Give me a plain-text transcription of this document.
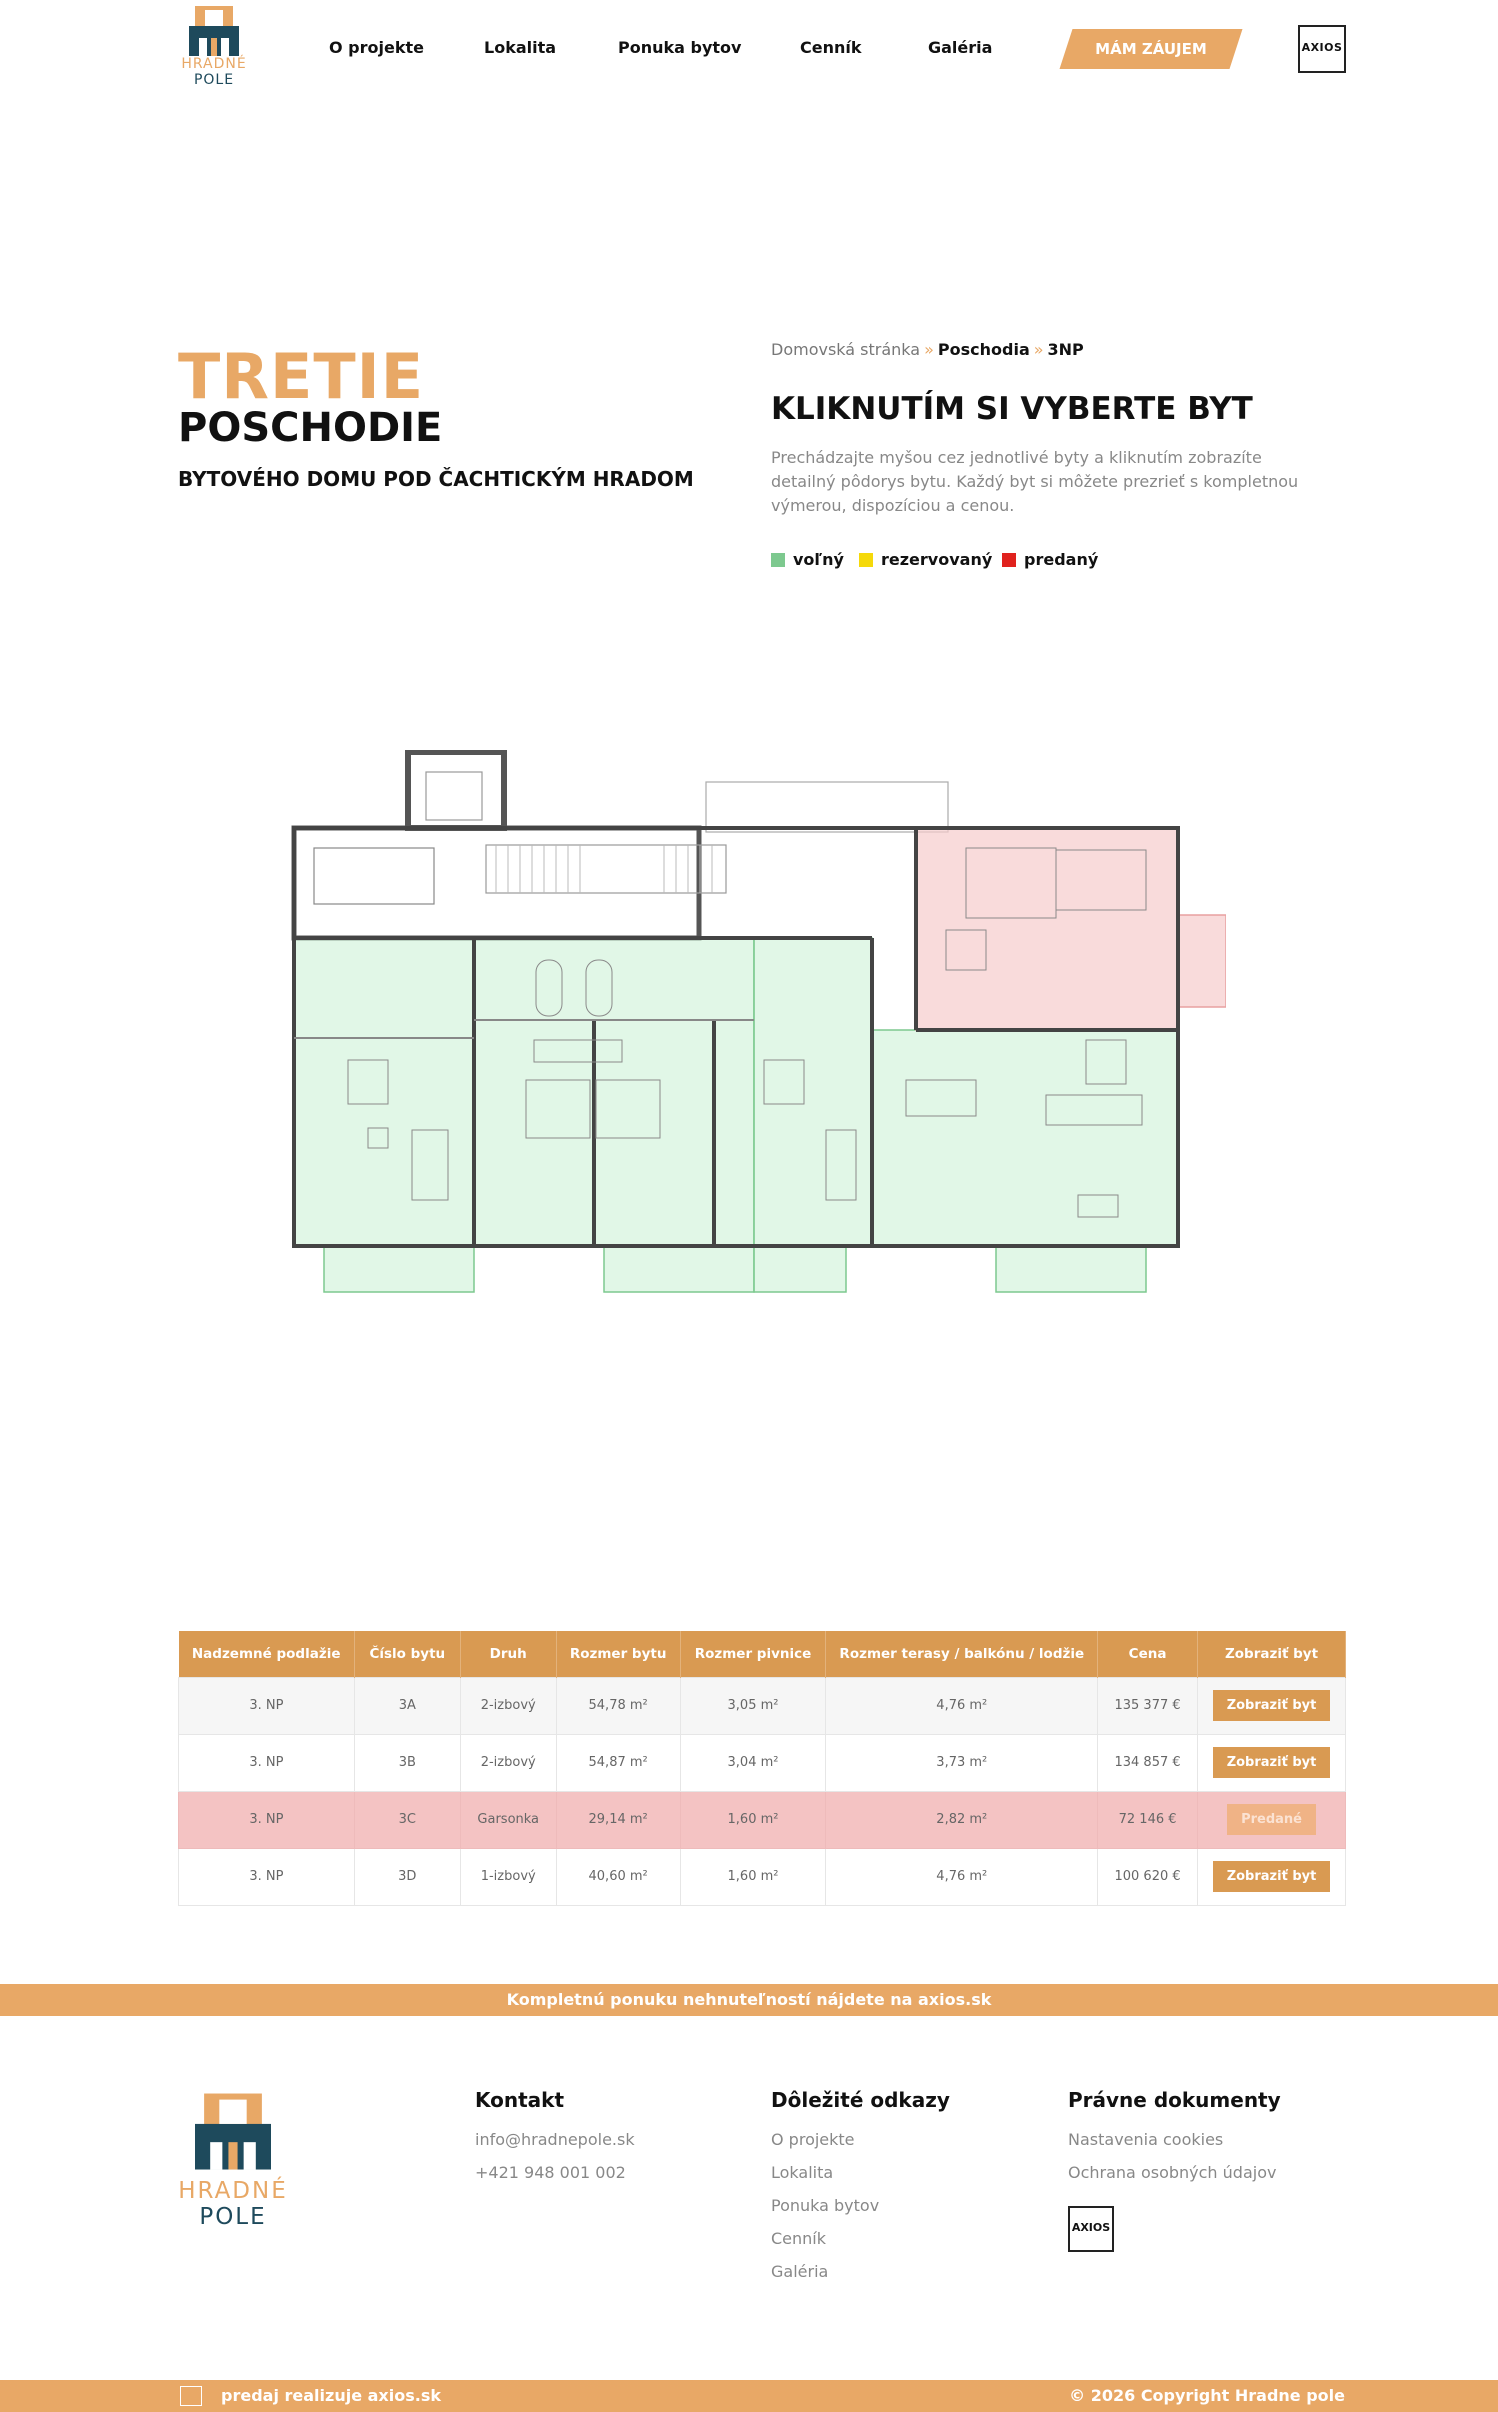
HRADNÉ
POLE
O projekte	Lokalita	Ponuka bytov	Cenník	Galéria	MÁM ZÁUJEM	AXIOS
TRETIE
POSCHODIE
BYTOVÉHO DOMU POD ČACHTICKÝM HRADOM
Domovská stránka » Poschodia » 3NP
KLIKNUTÍM SI VYBERTE BYT
Prechádzajte myšou cez jednotlivé byty a kliknutím zobrazíte detailný pôdorys bytu. Každý byt si môžete prezrieť s kompletnou výmerou, dispozíciou a cenou.
voľný	rezervovaný	predaný
Nadzemné podlažie	Číslo bytu	Druh	Rozmer bytu	Rozmer pivnice	Rozmer terasy / balkónu / lodžie	Cena	Zobraziť byt
3. NP	3A	2-izbový	54,78 m²	3,05 m²	4,76 m²	135 377 €	Zobraziť byt
3. NP	3B	2-izbový	54,87 m²	3,04 m²	3,73 m²	134 857 €	Zobraziť byt
3. NP	3C	Garsonka	29,14 m²	1,60 m²	2,82 m²	72 146 €	Predané
3. NP	3D	1-izbový	40,60 m²	1,60 m²	4,76 m²	100 620 €	Zobraziť byt
Kompletnú ponuku nehnuteľností nájdete na axios.sk
HRADNÉ
POLE
Kontakt
info@hradnepole.sk
+421 948 001 002
Dôležité odkazy
O projekte
Lokalita
Ponuka bytov
Cenník
Galéria
Právne dokumenty
Nastavenia cookies
Ochrana osobných údajov
AXIOS
predaj realizuje axios.sk	© 2026 Copyright Hradne pole
